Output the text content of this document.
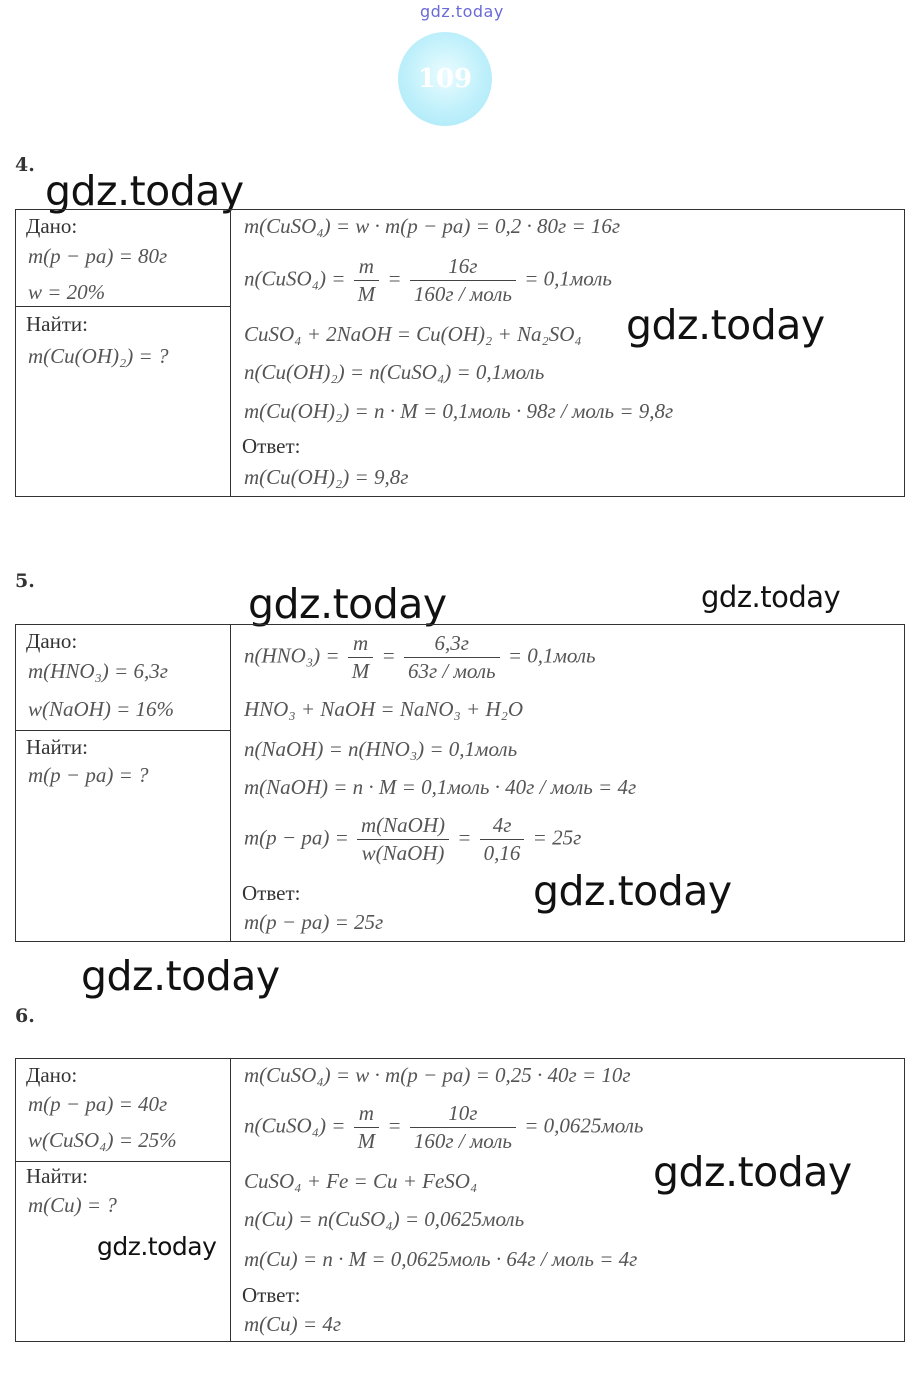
gdz.today
109
4.
gdz.today
Дано:
m(p − pa) = 80г
w = 20%
Найти:
m(Cu(OH)₂) = ?
m(CuSO₄) = w · m(p − pa) = 0,2 · 80г = 16г
n(CuSO₄) = $\frac{m}{M} = \frac{16г}{\text{160г / моль}}$ = 0,1моль
CuSO₄ + 2NaOH = Cu(OH)₂ + Na₂SO₄
n(Cu(OH)₂) = n(CuSO₄) = 0,1моль
m(Cu(OH)₂) = n · M = 0,1моль · 98г / моль = 9,8г
Ответ:
m(Cu(OH)₂) = 9,8г
gdz.today
5.	gdz.today	gdz.today
Дано:
m(HNO₃) = 6,3г
w(NaOH) = 16%
Найти:
m(p − pa) = ?
$n(HNO_3) = \frac{m}{M} = \frac{6,3г}{\text{63г / моль}}$ = 0,1моль
HNO₃ + NaOH = NaNO₃ + H₂O
n(NaOH) = n(HNO₃) = 0,1моль
m(NaOH) = n · M = 0,1моль · 40г / моль = 4г
$m(p - pa) = \frac{\text{m(NaOH)}}{\text{w(NaOH)}} = \frac{4г}{0,16} = 25г$
Ответ:
m(p − pa) = 25г
gdz.today
gdz.today
6.
Дано:
m(p − pa) = 40г
w(CuSO₄) = 25%
Найти:
m(Cu) = ?
m(CuSO₄) = w · m(p − pa) = 0,25 · 40г = 10г
n(CuSO₄) = $\frac{m}{M} = \frac{10г}{\text{160г / моль}}$ = 0,0625моль
CuSO₄ + Fe = Cu + FeSO₄
n(Cu) = n(CuSO₄) = 0,0625моль
m(Cu) = n · M = 0,0625моль · 64г / моль = 4г
Ответ:
m(Cu) = 4г
gdz.today
gdz.today
